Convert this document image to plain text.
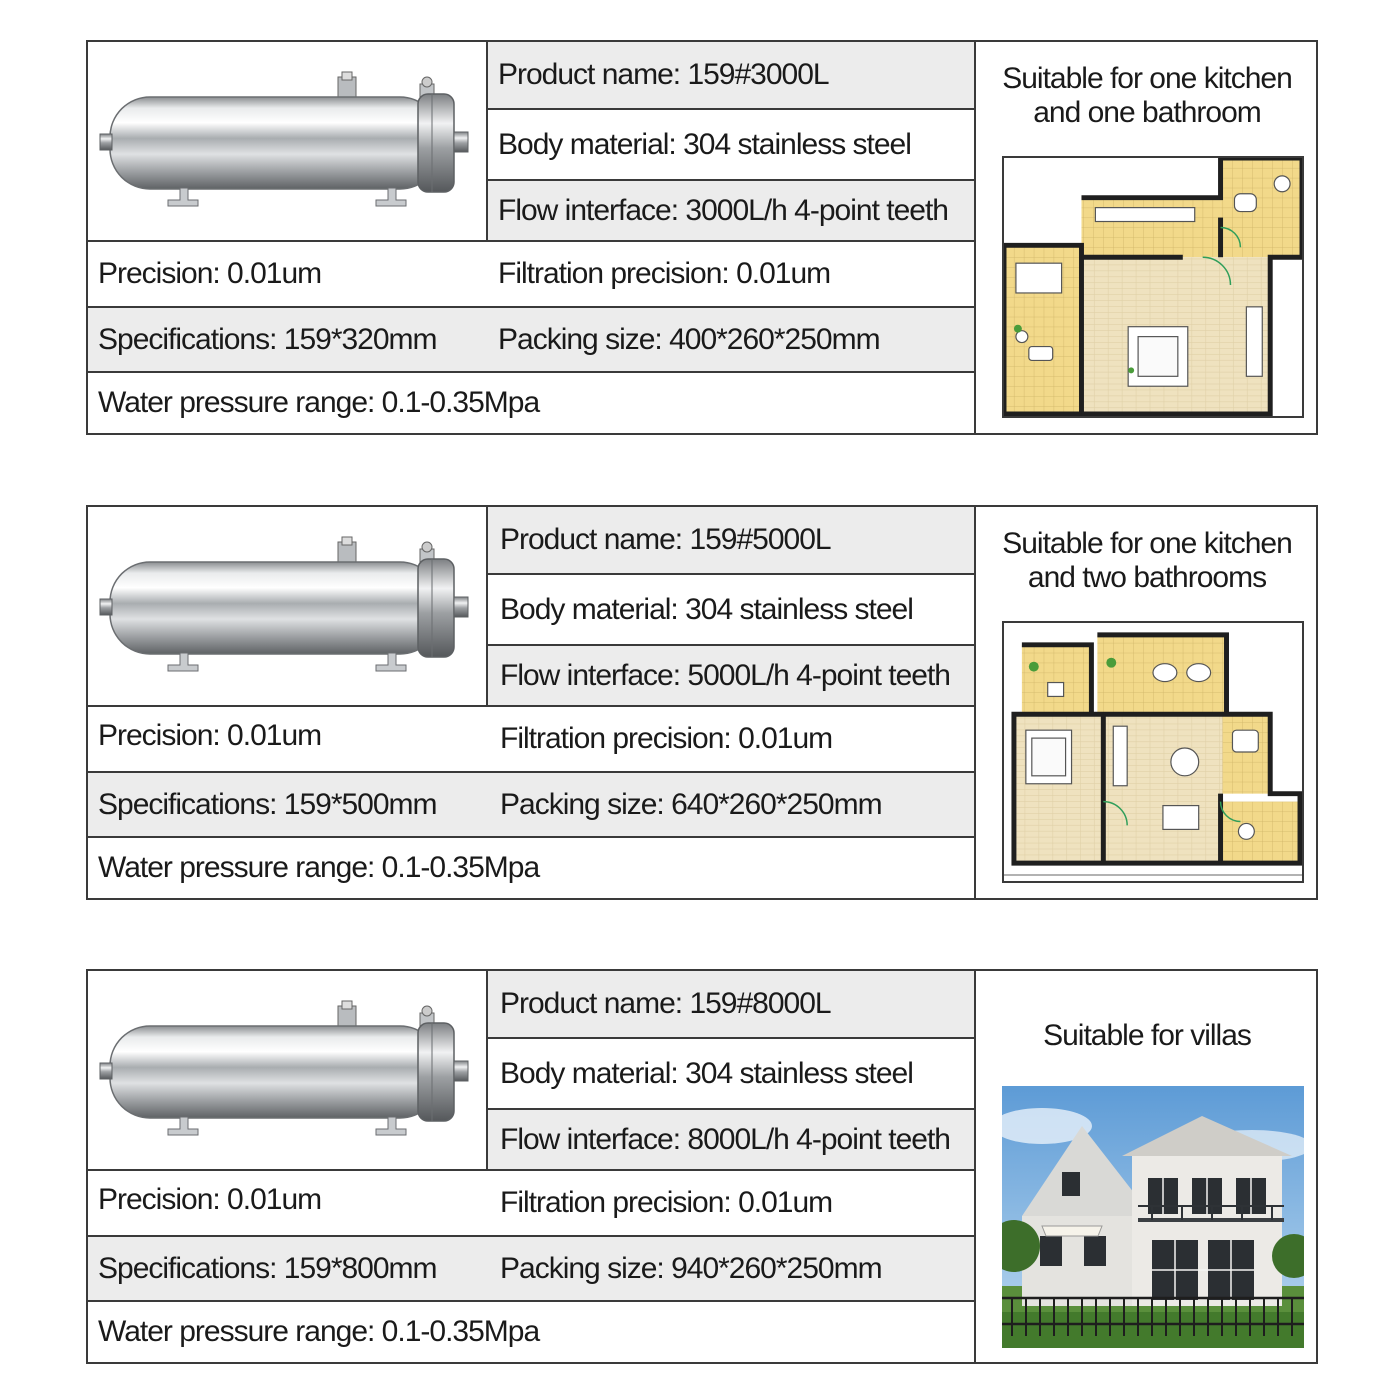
Product name: 159#3000L
Body material: 304 stainless steel
Flow interface: 3000L/h 4-point teeth
Precision: 0.01um	Filtration precision: 0.01um
Specifications: 159*320mm	Packing size: 400*260*250mm
Water pressure range: 0.1-0.35Mpa
Suitable for one kitchen
and one bathroom
Product name: 159#5000L
Body material: 304 stainless steel
Flow interface: 5000L/h 4-point teeth
Precision: 0.01um	Filtration precision: 0.01um
Specifications: 159*500mm	Packing size: 640*260*250mm
Water pressure range: 0.1-0.35Mpa
Suitable for one kitchen
and two bathrooms
Product name: 159#8000L
Body material: 304 stainless steel
Flow interface: 8000L/h 4-point teeth
Precision: 0.01um	Filtration precision: 0.01um
Specifications: 159*800mm	Packing size: 940*260*250mm
Water pressure range: 0.1-0.35Mpa
Suitable for villas
